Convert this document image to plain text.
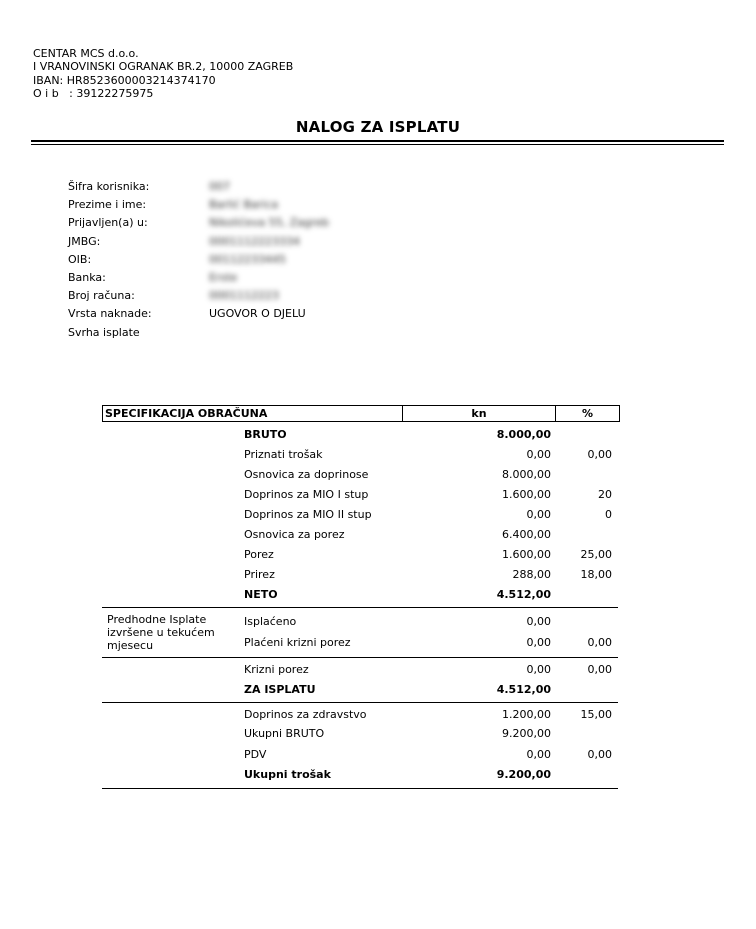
CENTAR MCS d.o.o.
I VRANOVINSKI OGRANAK BR.2, 10000 ZAGREB
IBAN: HR8523600003214374170
O i b   : 39122275975
NALOG ZA ISPLATU
Šifra korisnika:	007
Prezime i ime:	Barlić Barica
Prijavljen(a) u:	Nikolićeva 55, Zagreb
JMBG:	0001112223334
OIB:	00112233445
Banka:	Erste
Broj računa:	0001112223
Vrsta naknade:	UGOVOR O DJELU
Svrha isplate
SPECIFIKACIJA OBRAČUNA	kn	%
BRUTO	8.000,00
Priznati trošak	0,00	0,00
Osnovica za doprinose	8.000,00
Doprinos za MIO I stup	1.600,00	20
Doprinos za MIO II stup	0,00	0
Osnovica za porez	6.400,00
Porez	1.600,00	25,00
Prirez	288,00	18,00
NETO	4.512,00
Predhodne Isplate izvršene u tekućem mjesecu
Isplaćeno	0,00
Plaćeni krizni porez	0,00	0,00
Krizni porez	0,00	0,00
ZA ISPLATU	4.512,00
Doprinos za zdravstvo	1.200,00	15,00
Ukupni BRUTO	9.200,00
PDV	0,00	0,00
Ukupni trošak	9.200,00
